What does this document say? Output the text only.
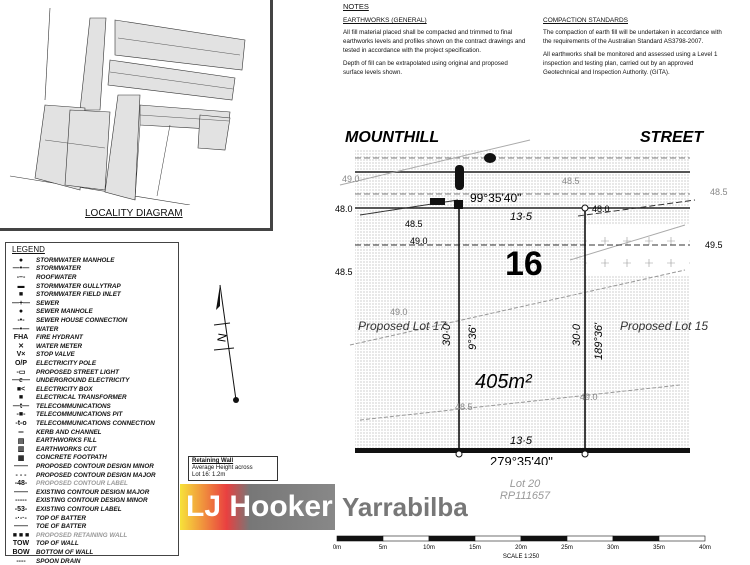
LOCALITY DIAGRAM
LEGEND
●	STORMWATER MANHOLE
—•—	STORMWATER
-–-	ROOFWATER
▬	STORMWATER GULLYTRAP
■	STORMWATER FIELD INLET
—+— SEWER
●	SEWER MANHOLE
-•-	SEWER HOUSE CONNECTION
—•—	WATER
FHA	FIRE HYDRANT
✕	WATER METER
V×	STOP VALVE
O/P	ELECTRICITY POLE
-▭	PROPOSED STREET LIGHT
—e— UNDERGROUND ELECTRICITY
■<	ELECTRICITY BOX
■	ELECTRICAL TRANSFORMER
—t—	TELECOMMUNICATIONS
-■-	TELECOMMUNICATIONS PIT
-t-o	TELECOMMUNICATIONS CONNECTION
═	KERB AND CHANNEL
▤	EARTHWORKS FILL
▥	EARTHWORKS CUT
▦	CONCRETE FOOTPATH
——	PROPOSED CONTOUR DESIGN MINOR
- - -	PROPOSED CONTOUR DESIGN MAJOR
-48-	PROPOSED CONTOUR LABEL
——	EXISTING CONTOUR DESIGN MAJOR
-----	EXISTING CONTOUR DESIGN MINOR
-53-	EXISTING CONTOUR LABEL
-·-·-	TOP OF BATTER
——	TOE OF BATTER
■ ■ ■	PROPOSED RETAINING WALL
TOW	TOP OF WALL
BOW	BOTTOM OF WALL
----	SPOON DRAIN
NOTES
EARTHWORKS (GENERAL)

All fill material placed shall be compacted and trimmed to final earthworks levels and profiles shown on the contract drawings and tested in accordance with the project specification.

Depth of fill can be extrapolated using original and proposed surface levels shown.

COMPACTION STANDARDS

The compaction of earth fill will be undertaken in accordance with the requirements of the Australian Standard AS3798-2007.

All earthworks shall be monitored and assessed using a Level 1 inspection and testing plan, carried out by an approved Geotechnical and Inspection Authority. (GITA).

N
MOUNTHILL	STREET
99°35'40"
13·5
16
405m²
13·5
30·0 9°36'	30·0 189°36'
Proposed Lot 17	Proposed Lot 15
279°35'40"
48.0	48.0
48.5
48.5
49.0	49.5
48.5
48.5
49.0
48.5
49.0
49.0
Lot 20
RP111657
Retaining Wall
Average Height across
Lot 16: 1.2m
LJ Hooker Yarrabilba
0m	5m	10m	15m	20m	25m	30m	35m	40m
SCALE 1:250
